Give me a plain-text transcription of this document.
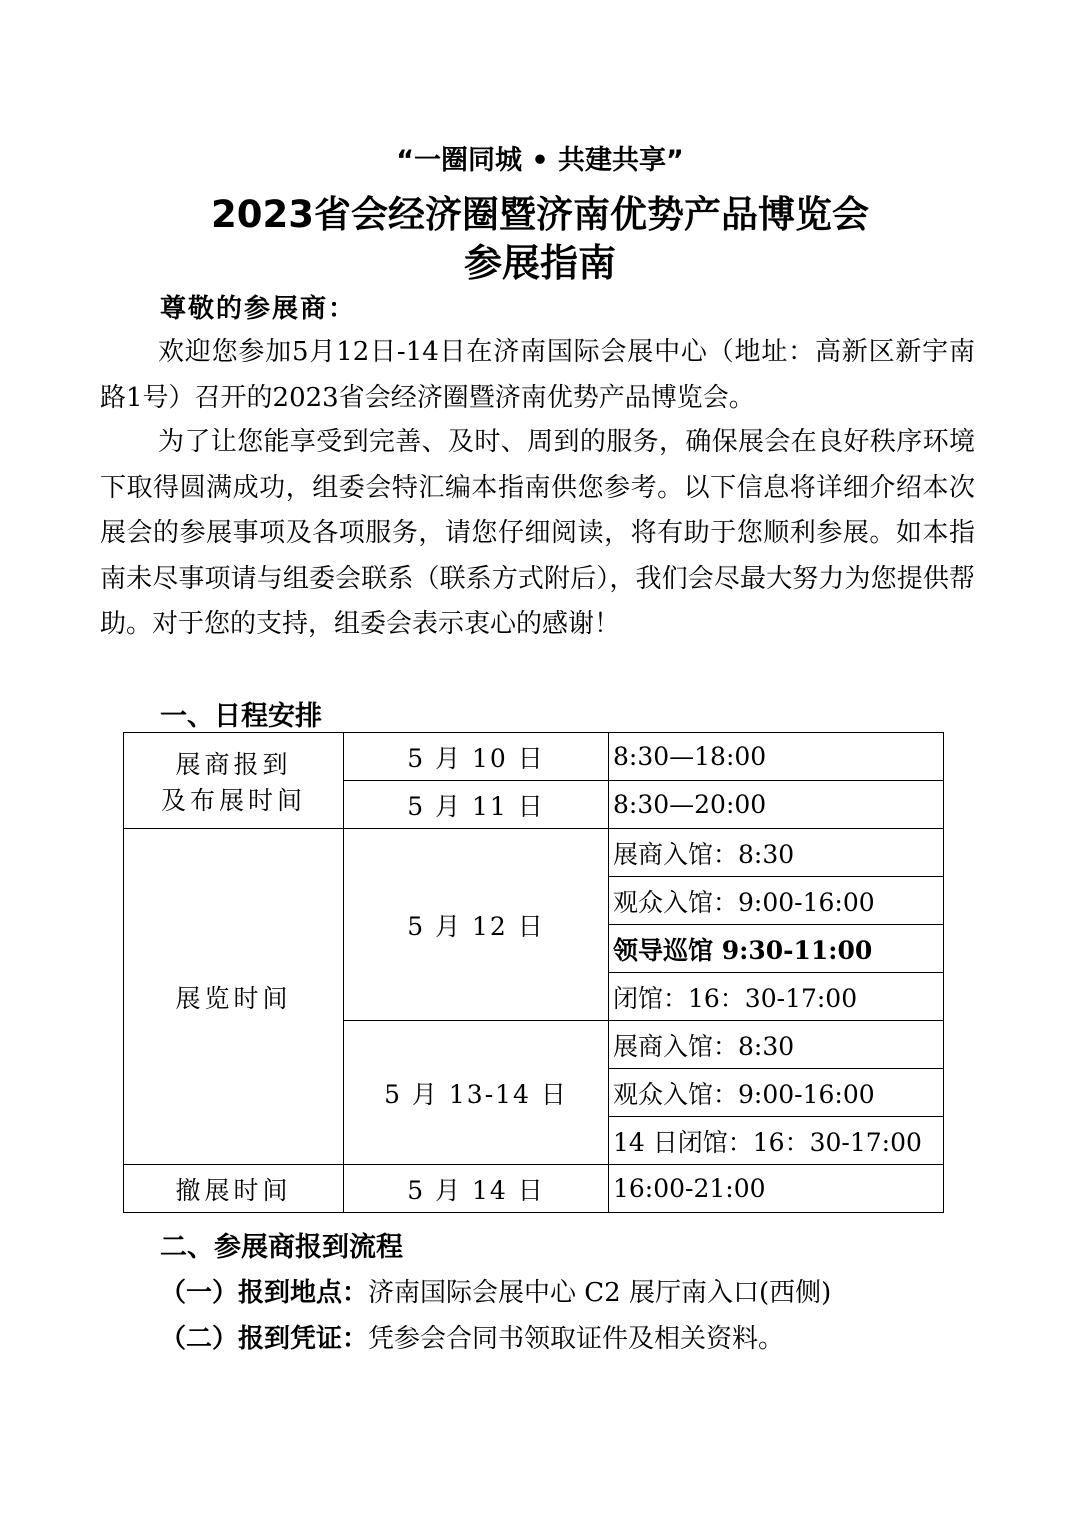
“一圈同城 • 共建共享”
2023省会经济圈暨济南优势产品博览会
参展指南
尊敬的参展商：
欢迎您参加5月12日-14日在济南国际会展中心（地址：高新区新宇南路1号）召开的2023省会经济圈暨济南优势产品博览会。
为了让您能享受到完善、及时、周到的服务，确保展会在良好秩序环境下取得圆满成功，组委会特汇编本指南供您参考。以下信息将详细介绍本次展会的参展事项及各项服务，请您仔细阅读，将有助于您顺利参展。如本指南未尽事项请与组委会联系（联系方式附后），我们会尽最大努力为您提供帮助。对于您的支持，组委会表示衷心的感谢！
一、日程安排
展商报到
及布展时间	5 月 10 日	8:30—18:00
	5 月 11 日	8:30—20:00
展览时间	5 月 12 日	展商入馆：8:30
		观众入馆：9:00-16:00
		领导巡馆 9:30-11:00
		闭馆：16：30-17:00
	5 月 13-14 日	展商入馆：8:30
		观众入馆：9:00-16:00
		14 日闭馆：16：30-17:00
撤展时间	5 月 14 日	16:00-21:00
二、参展商报到流程
（一）报到地点：济南国际会展中心 C2 展厅南入口(西侧)
（二）报到凭证：凭参会合同书领取证件及相关资料。
